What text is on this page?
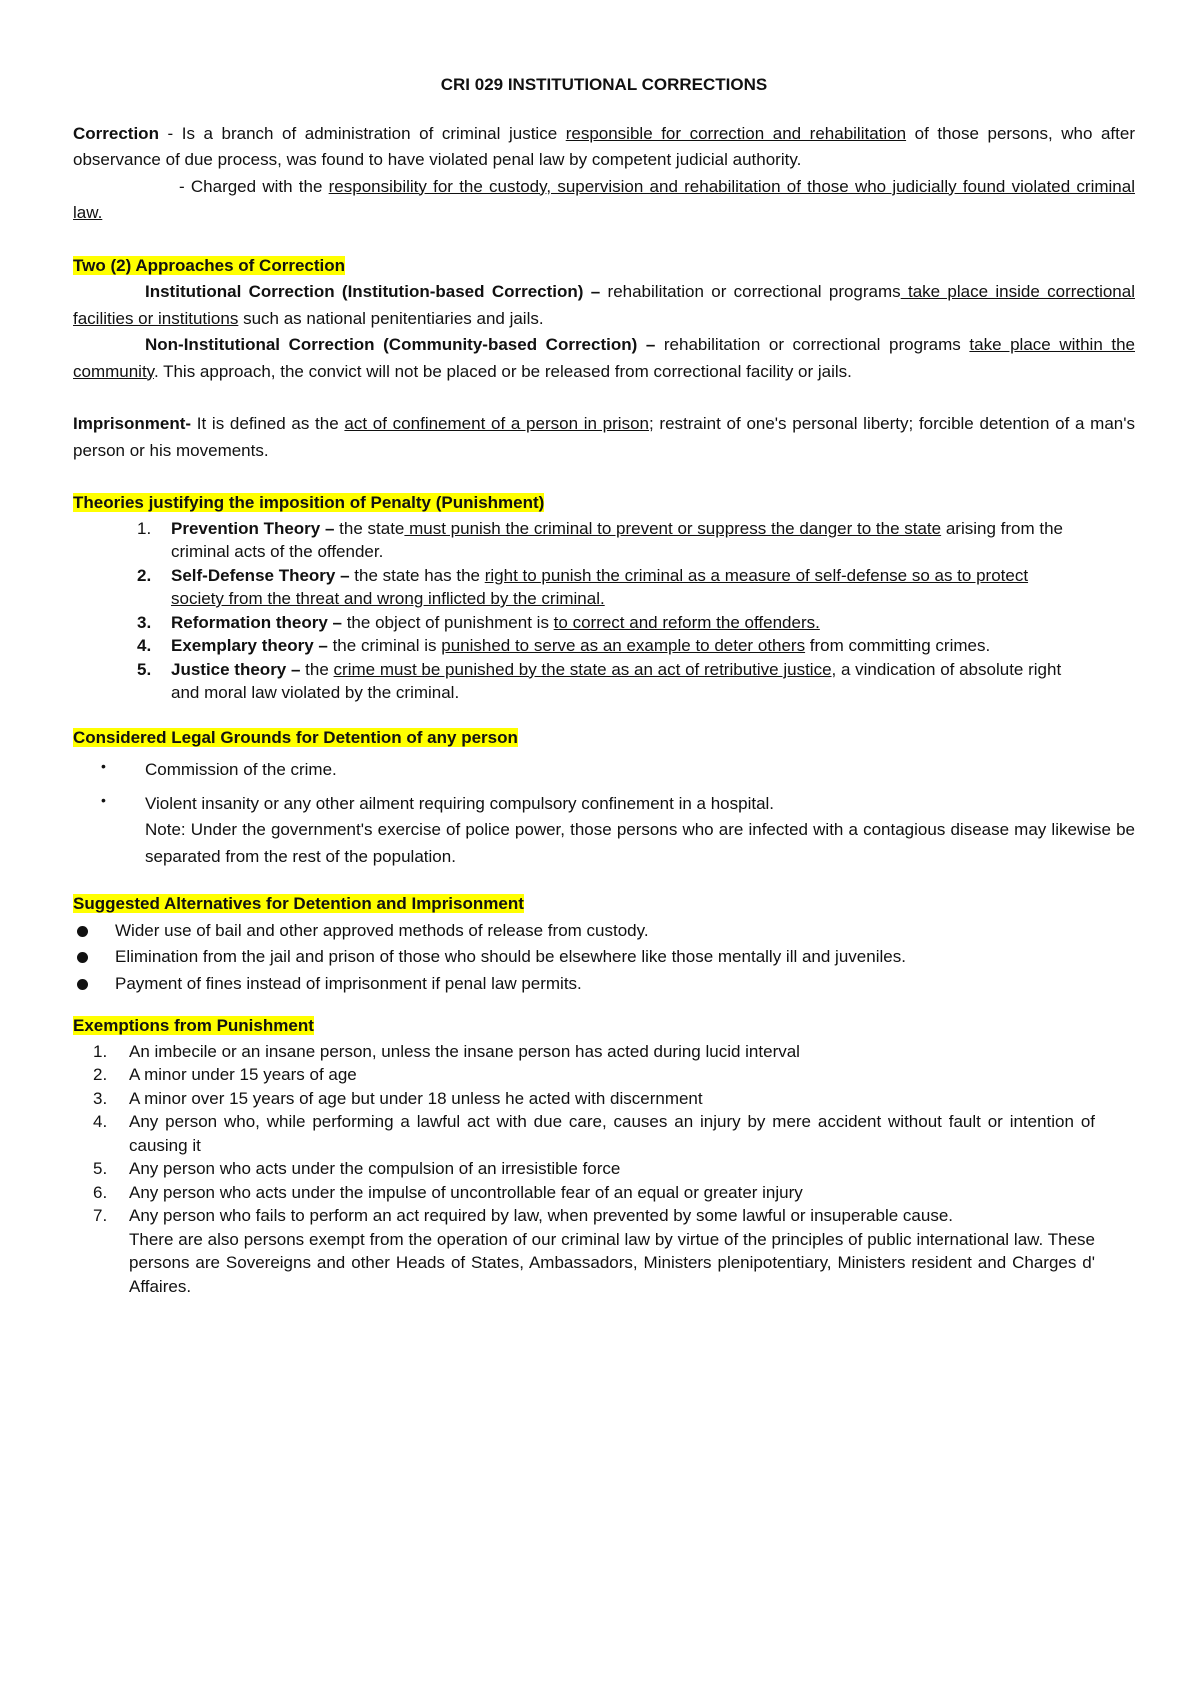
CRI 029 INSTITUTIONAL CORRECTIONS

Correction - Is a branch of administration of criminal justice responsible for correction and rehabilitation of those persons, who after observance of due process, was found to have violated penal law by competent judicial authority.

- Charged with the responsibility for the custody, supervision and rehabilitation of those who judicially found violated criminal law.

Two (2) Approaches of Correction

Institutional Correction (Institution-based Correction) – rehabilitation or correctional programs take place inside correctional facilities or institutions such as national penitentiaries and jails.

Non-Institutional Correction (Community-based Correction) – rehabilitation or correctional programs take place within the community. This approach, the convict will not be placed or be released from correctional facility or jails.

Imprisonment- It is defined as the act of confinement of a person in prison; restraint of one's personal liberty; forcible detention of a man's person or his movements.

Theories justifying the imposition of Penalty (Punishment)

1. Prevention Theory – the state must punish the criminal to prevent or suppress the danger to the state arising from the criminal acts of the offender.
2. Self-Defense Theory – the state has the right to punish the criminal as a measure of self-defense so as to protect society from the threat and wrong inflicted by the criminal.
3. Reformation theory – the object of punishment is to correct and reform the offenders.
4. Exemplary theory – the criminal is punished to serve as an example to deter others from committing crimes.
5. Justice theory – the crime must be punished by the state as an act of retributive justice, a vindication of absolute right and moral law violated by the criminal.

Considered Legal Grounds for Detention of any person

• Commission of the crime.
• Violent insanity or any other ailment requiring compulsory confinement in a hospital.
Note: Under the government's exercise of police power, those persons who are infected with a contagious disease may likewise be separated from the rest of the population.

Suggested Alternatives for Detention and Imprisonment

Wider use of bail and other approved methods of release from custody.
Elimination from the jail and prison of those who should be elsewhere like those mentally ill and juveniles.
Payment of fines instead of imprisonment if penal law permits.

Exemptions from Punishment

1. An imbecile or an insane person, unless the insane person has acted during lucid interval
2. A minor under 15 years of age
3. A minor over 15 years of age but under 18 unless he acted with discernment
4. Any person who, while performing a lawful act with due care, causes an injury by mere accident without fault or intention of causing it
5. Any person who acts under the compulsion of an irresistible force
6. Any person who acts under the impulse of uncontrollable fear of an equal or greater injury
7. Any person who fails to perform an act required by law, when prevented by some lawful or insuperable cause.
There are also persons exempt from the operation of our criminal law by virtue of the principles of public international law. These persons are Sovereigns and other Heads of States, Ambassadors, Ministers plenipotentiary, Ministers resident and Charges d' Affaires.
